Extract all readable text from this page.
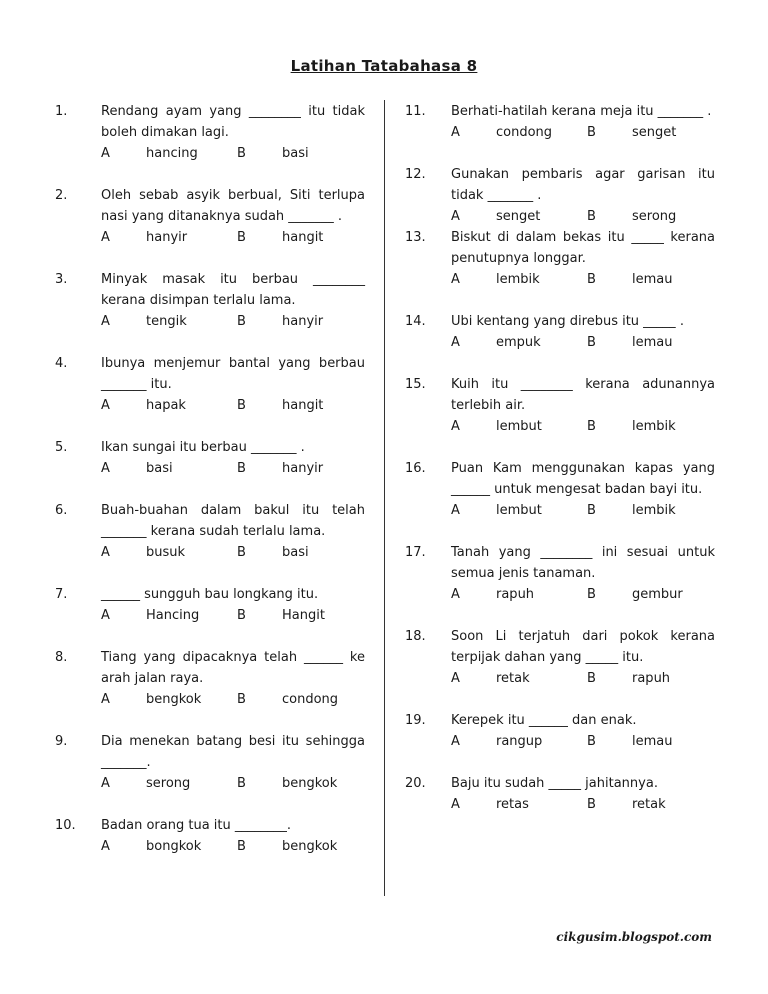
Latihan Tatabahasa 8
1.	Rendang ayam yang ________ itu tidak boleh dimakan lagi.
A	hancing	B	basi
2.	Oleh sebab asyik berbual, Siti terlupa nasi yang ditanaknya sudah _______ .
A	hanyir	B	hangit
3.	Minyak masak itu berbau ________ kerana disimpan terlalu lama.
A	tengik	B	hanyir
4.	Ibunya menjemur bantal yang berbau _______ itu.
A	hapak	B	hangit
5.	Ikan sungai itu berbau _______ .
A	basi	B	hanyir
6.	Buah-buahan dalam bakul itu telah _______ kerana sudah terlalu lama.
A	busuk	B	basi
7.	______ sungguh bau longkang itu.
A	Hancing	B	Hangit
8.	Tiang yang dipacaknya telah ______ ke arah jalan raya.
A	bengkok	B	condong
9.	Dia menekan batang besi itu sehingga _______.
A	serong	B	bengkok
10.	Badan orang tua itu ________.
A	bongkok	B	bengkok
11.	Berhati-hatilah kerana meja itu _______ .
A	condong	B	senget
12.	Gunakan pembaris agar garisan itu tidak _______ .
A	senget	B	serong
13.	Biskut di dalam bekas itu _____ kerana penutupnya longgar.
A	lembik	B	lemau
14.	Ubi kentang yang direbus itu _____ .
A	empuk	B	lemau
15.	Kuih itu ________ kerana adunannya terlebih air.
A	lembut	B	lembik
16.	Puan Kam menggunakan kapas yang ______ untuk mengesat badan bayi itu.
A	lembut	B	lembik
17.	Tanah yang ________ ini sesuai untuk semua jenis tanaman.
A	rapuh	B	gembur
18.	Soon Li terjatuh dari pokok kerana terpijak dahan yang _____ itu.
A	retak	B	rapuh
19.	Kerepek itu ______ dan enak.
A	rangup	B	lemau
20.	Baju itu sudah _____ jahitannya.
A	retas	B	retak
cikgusim.blogspot.com
